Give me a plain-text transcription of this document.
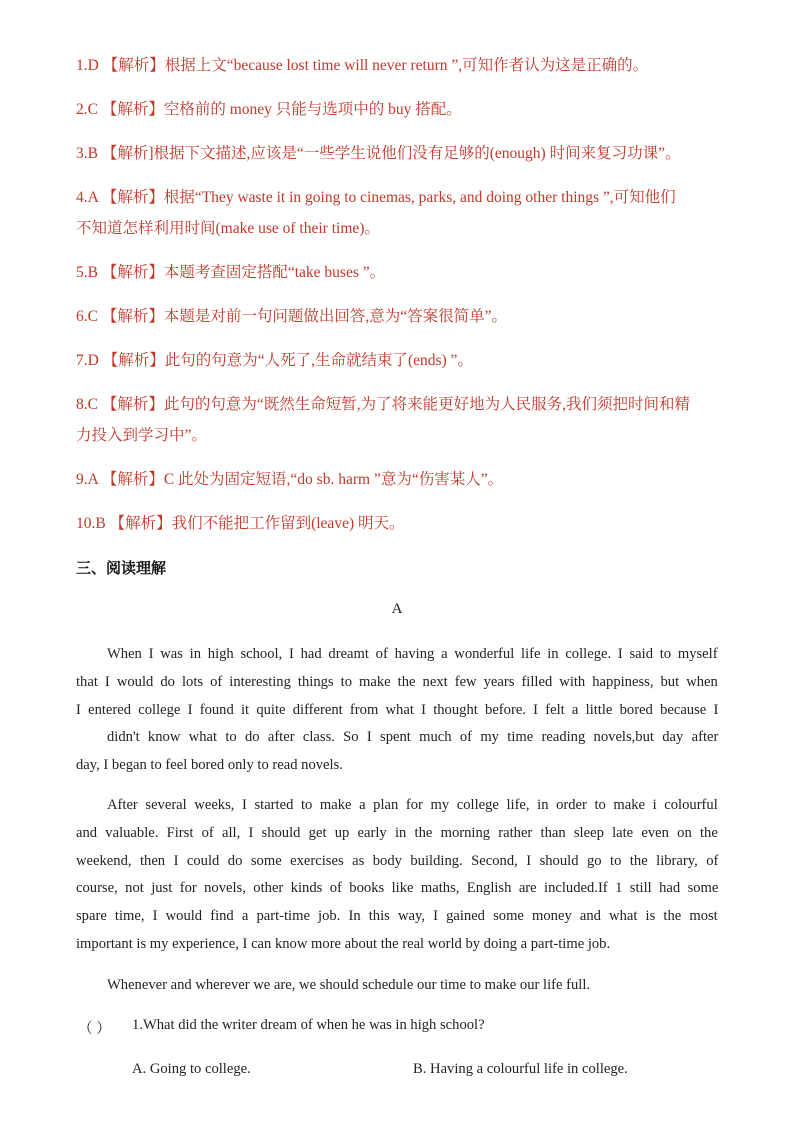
1.D 【解析】根据上文“because lost time will never return ”,可知作者认为这是正确的。
2.C 【解析】空格前的 money 只能与选项中的 buy 搭配。
3.B 【解析]根据下文描述,应该是“一些学生说他们没有足够的(enough) 时间来复习功课”。
4.A 【解析】根据“They waste it in going to cinemas, parks, and doing other things ”,可知他们
不知道怎样利用时间(make use of their time)。
5.B 【解析】本题考查固定搭配“take buses ”。
6.C 【解析】本题是对前一句问题做出回答,意为“答案很简单”。
7.D 【解析】此句的句意为“人死了,生命就结束了(ends) ”。
8.C 【解析】此句的句意为“既然生命短暂,为了将来能更好地为人民服务,我们须把时间和精
力投入到学习中”。
9.A 【解析】C 此处为固定短语,“do sb. harm ”意为“伤害某人”。
10.B 【解析】我们不能把工作留到(leave) 明天。
三、阅读理解
A
When I was in high school, I had dreamt of having a wonderful life in college. I said to myself
that I would do lots of interesting things to make the next few years filled with happiness, but when
I entered college I found it quite different from what I thought before. I felt a little bored because I
didn't know what to do after class. So I spent much of my time reading novels,but day after
day, I began to feel bored only to read novels.
After several weeks, I started to make a plan for my college life, in order to make i colourful
and valuable. First of all, I should get up early in the morning rather than sleep late even on the
weekend, then I could do some exercises as body building. Second, I should go to the library, of
course, not just for novels, other kinds of books like maths, English are included.If 1 still had some
spare time, I would find a part-time job. In this way, I gained some money and what is the most
important is my experience, I can know more about the real world by doing a part-time job.
Whenever and wherever we are, we should schedule our time to make our life full.
（ ） 1.What did the writer dream of when he was in high school?
A. Going to college.	B. Having a colourful life in college.
